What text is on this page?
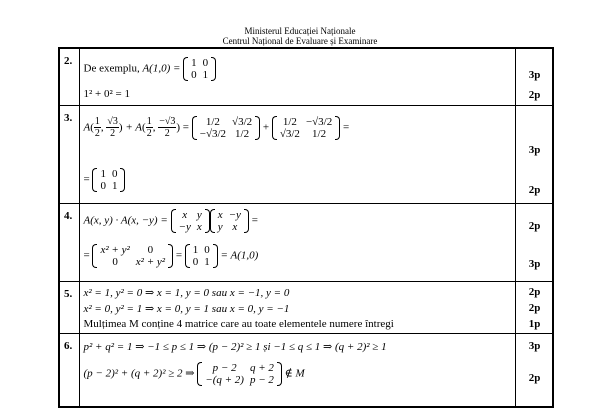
Ministerul Educației Naționale
Centrul Național de Evaluare și Examinare
2.	
De exemplu, A(1,0) = 1	0
0	1
1² + 0² = 1

3p
2p

3.	
$A( \frac{1}{2}$ , $\frac{√3}{2}$ ) + $A( \frac{1}{2}$ , $\frac{-√3}{2}$ ) = 1/2	√3/2
−√3/2	1/2
+ 1/2	−√3/2
√3/2	1/2
=
= 1	0
0	1

3p
2p

4.	A(x, y) · A(x, −y) = x	y
−y	x
x	−y
y	x
=
= x² + y²	0
0	x² + y²
= 1	0
0	1
= A(1,0)

2p
3p

5.	x² = 1, y² = 0 ⇒ x = 1, y = 0 sau x = −1, y = 0
x² = 0, y² = 1 ⇒ x = 0, y = 1 sau x = 0, y = −1
Mulțimea M conține 4 matrice care au toate elementele numere întregi

2p
2p
1p

6.	p² + q² = 1 ⇒ −1 ≤ p ≤ 1 ⇒ (p − 2)² ≥ 1 și −1 ≤ q ≤ 1 ⇒ (q + 2)² ≥ 1
(p − 2)² + (q + 2)² ≥ 2 ⇒ p − 2	q + 2
−(q + 2)	p − 2
∉ M

3p
2p
